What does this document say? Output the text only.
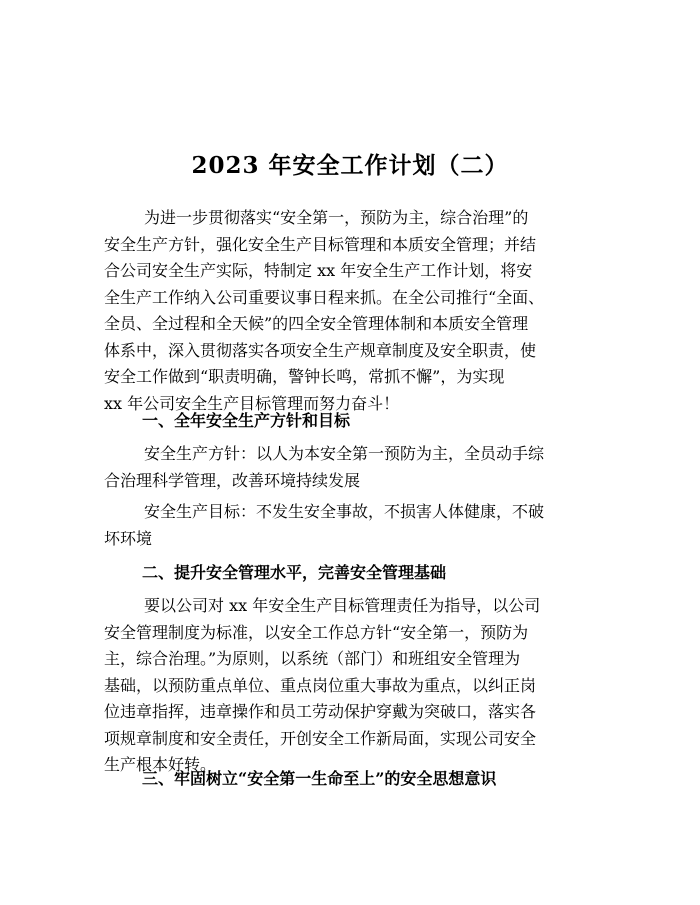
2023 年安全工作计划（二）
为进一步贯彻落实“安全第一，预防为主，综合治理”的
安全生产方针，强化安全生产目标管理和本质安全管理；并结
合公司安全生产实际，特制定 xx 年安全生产工作计划，将安
全生产工作纳入公司重要议事日程来抓。在全公司推行“全面、
全员、全过程和全天候”的四全安全管理体制和本质安全管理
体系中，深入贯彻落实各项安全生产规章制度及安全职责，使
安全工作做到“职责明确，警钟长鸣，常抓不懈”，为实现
xx 年公司安全生产目标管理而努力奋斗！
一、全年安全生产方针和目标
安全生产方针：以人为本安全第一预防为主，全员动手综
合治理科学管理，改善环境持续发展
安全生产目标：不发生安全事故，不损害人体健康，不破
坏环境
二、提升安全管理水平，完善安全管理基础
要以公司对 xx 年安全生产目标管理责任为指导，以公司
安全管理制度为标准，以安全工作总方针“安全第一，预防为
主，综合治理。”为原则，以系统（部门）和班组安全管理为
基础，以预防重点单位、重点岗位重大事故为重点，以纠正岗
位违章指挥，违章操作和员工劳动保护穿戴为突破口，落实各
项规章制度和安全责任，开创安全工作新局面，实现公司安全
生产根本好转。
三、牢固树立“安全第一生命至上”的安全思想意识
